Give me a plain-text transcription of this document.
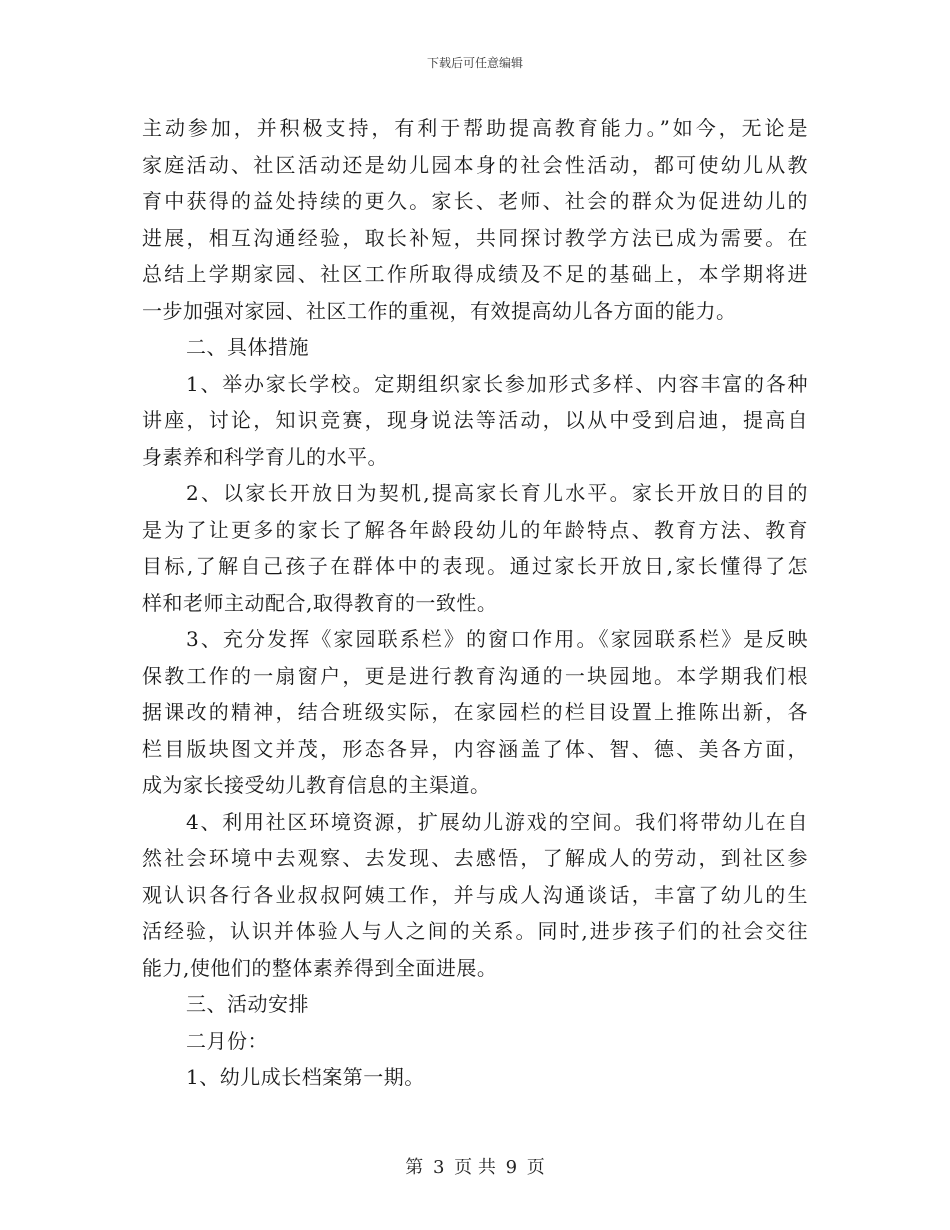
下载后可任意编辑
主动参加，并积极支持，有利于帮助提高教育能力。”如今，无论是
家庭活动、社区活动还是幼儿园本身的社会性活动，都可使幼儿从教
育中获得的益处持续的更久。家长、老师、社会的群众为促进幼儿的
进展，相互沟通经验，取长补短，共同探讨教学方法已成为需要。在
总结上学期家园、社区工作所取得成绩及不足的基础上，本学期将进
一步加强对家园、社区工作的重视，有效提高幼儿各方面的能力。
二、具体措施
1、举办家长学校。定期组织家长参加形式多样、内容丰富的各种
讲座，讨论，知识竞赛，现身说法等活动，以从中受到启迪，提高自
身素养和科学育儿的水平。
2、以家长开放日为契机,提高家长育儿水平。家长开放日的目的
是为了让更多的家长了解各年龄段幼儿的年龄特点、教育方法、教育
目标,了解自己孩子在群体中的表现。通过家长开放日,家长懂得了怎
样和老师主动配合,取得教育的一致性。
3、充分发挥《家园联系栏》的窗口作用。《家园联系栏》是反映
保教工作的一扇窗户，更是进行教育沟通的一块园地。本学期我们根
据课改的精神，结合班级实际，在家园栏的栏目设置上推陈出新，各
栏目版块图文并茂，形态各异，内容涵盖了体、智、德、美各方面，
成为家长接受幼儿教育信息的主渠道。
4、利用社区环境资源，扩展幼儿游戏的空间。我们将带幼儿在自
然社会环境中去观察、去发现、去感悟，了解成人的劳动，到社区参
观认识各行各业叔叔阿姨工作，并与成人沟通谈话，丰富了幼儿的生
活经验，认识并体验人与人之间的关系。同时,进步孩子们的社会交往
能力,使他们的整体素养得到全面进展。
三、活动安排
二月份：
1、幼儿成长档案第一期。
第 3 页 共 9 页
